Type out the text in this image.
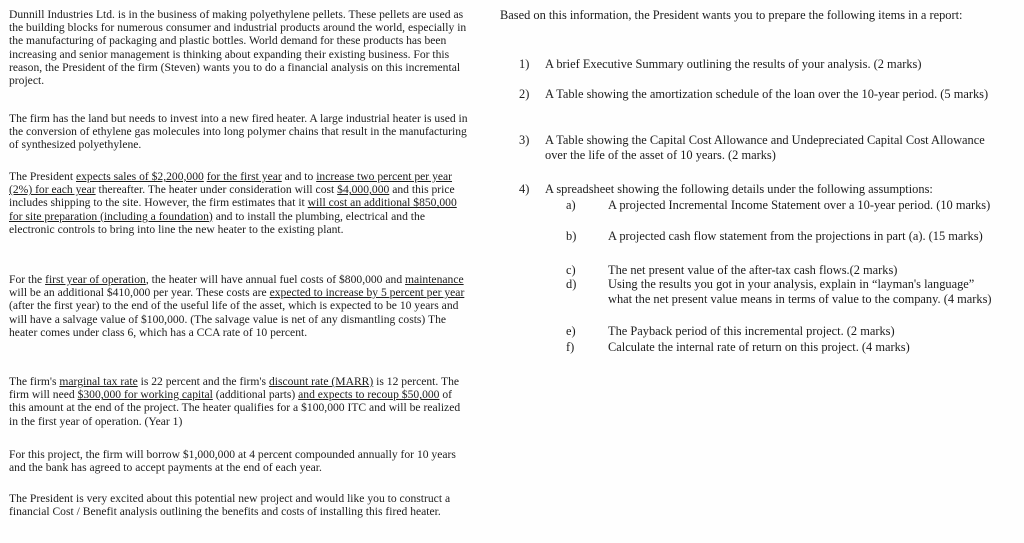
Dunnill Industries Ltd. is in the business of making polyethylene pellets. These pellets are used as the building blocks for numerous consumer and industrial products around the world, especially in the manufacturing of packaging and plastic bottles. World demand for these products has been increasing and senior management is thinking about expanding their existing business. For this reason, the President of the firm (Steven) wants you to do a financial analysis on this incremental project.

The firm has the land but needs to invest into a new fired heater. A large industrial heater is used in the conversion of ethylene gas molecules into long polymer chains that result in the manufacturing of synthesized polyethylene.

The President expects sales of $2,200,000 for the first year and to increase two percent per year (2%) for each year thereafter. The heater under consideration will cost $4,000,000 and this price includes shipping to the site. However, the firm estimates that it will cost an additional $850,000 for site preparation (including a foundation) and to install the plumbing, electrical and the electronic controls to bring into line the new heater to the existing plant.

For the first year of operation, the heater will have annual fuel costs of $800,000 and maintenance will be an additional $410,000 per year. These costs are expected to increase by 5 percent per year (after the first year) to the end of the useful life of the asset, which is expected to be 10 years and will have a salvage value of $100,000. (The salvage value is net of any dismantling costs) The heater comes under class 6, which has a CCA rate of 10 percent.

The firm's marginal tax rate is 22 percent and the firm's discount rate (MARR) is 12 percent. The firm will need $300,000 for working capital (additional parts) and expects to recoup $50,000 of this amount at the end of the project. The heater qualifies for a $100,000 ITC and will be realized in the first year of operation. (Year 1)

For this project, the firm will borrow $1,000,000 at 4 percent compounded annually for 10 years and the bank has agreed to accept payments at the end of each year.

The President is very excited about this potential new project and would like you to construct a financial Cost / Benefit analysis outlining the benefits and costs of installing this fired heater.

Based on this information, the President wants you to prepare the following items in a report:

1) A brief Executive Summary outlining the results of your analysis. (2 marks)
2) A Table showing the amortization schedule of the loan over the 10-year period. (5 marks)
3) A Table showing the Capital Cost Allowance and Undepreciated Capital Cost Allowance over the life of the asset of 10 years. (2 marks)
4) A spreadsheet showing the following details under the following assumptions:
a)	A projected Incremental Income Statement over a 10-year period. (10 marks)
b)	A projected cash flow statement from the projections in part (a). (15 marks)
c)	The net present value of the after-tax cash flows.(2 marks)
d)	Using the results you got in your analysis, explain in “layman's language” what the net present value means in terms of value to the company. (4 marks)
e)	The Payback period of this incremental project. (2 marks)
f)	Calculate the internal rate of return on this project. (4 marks)
